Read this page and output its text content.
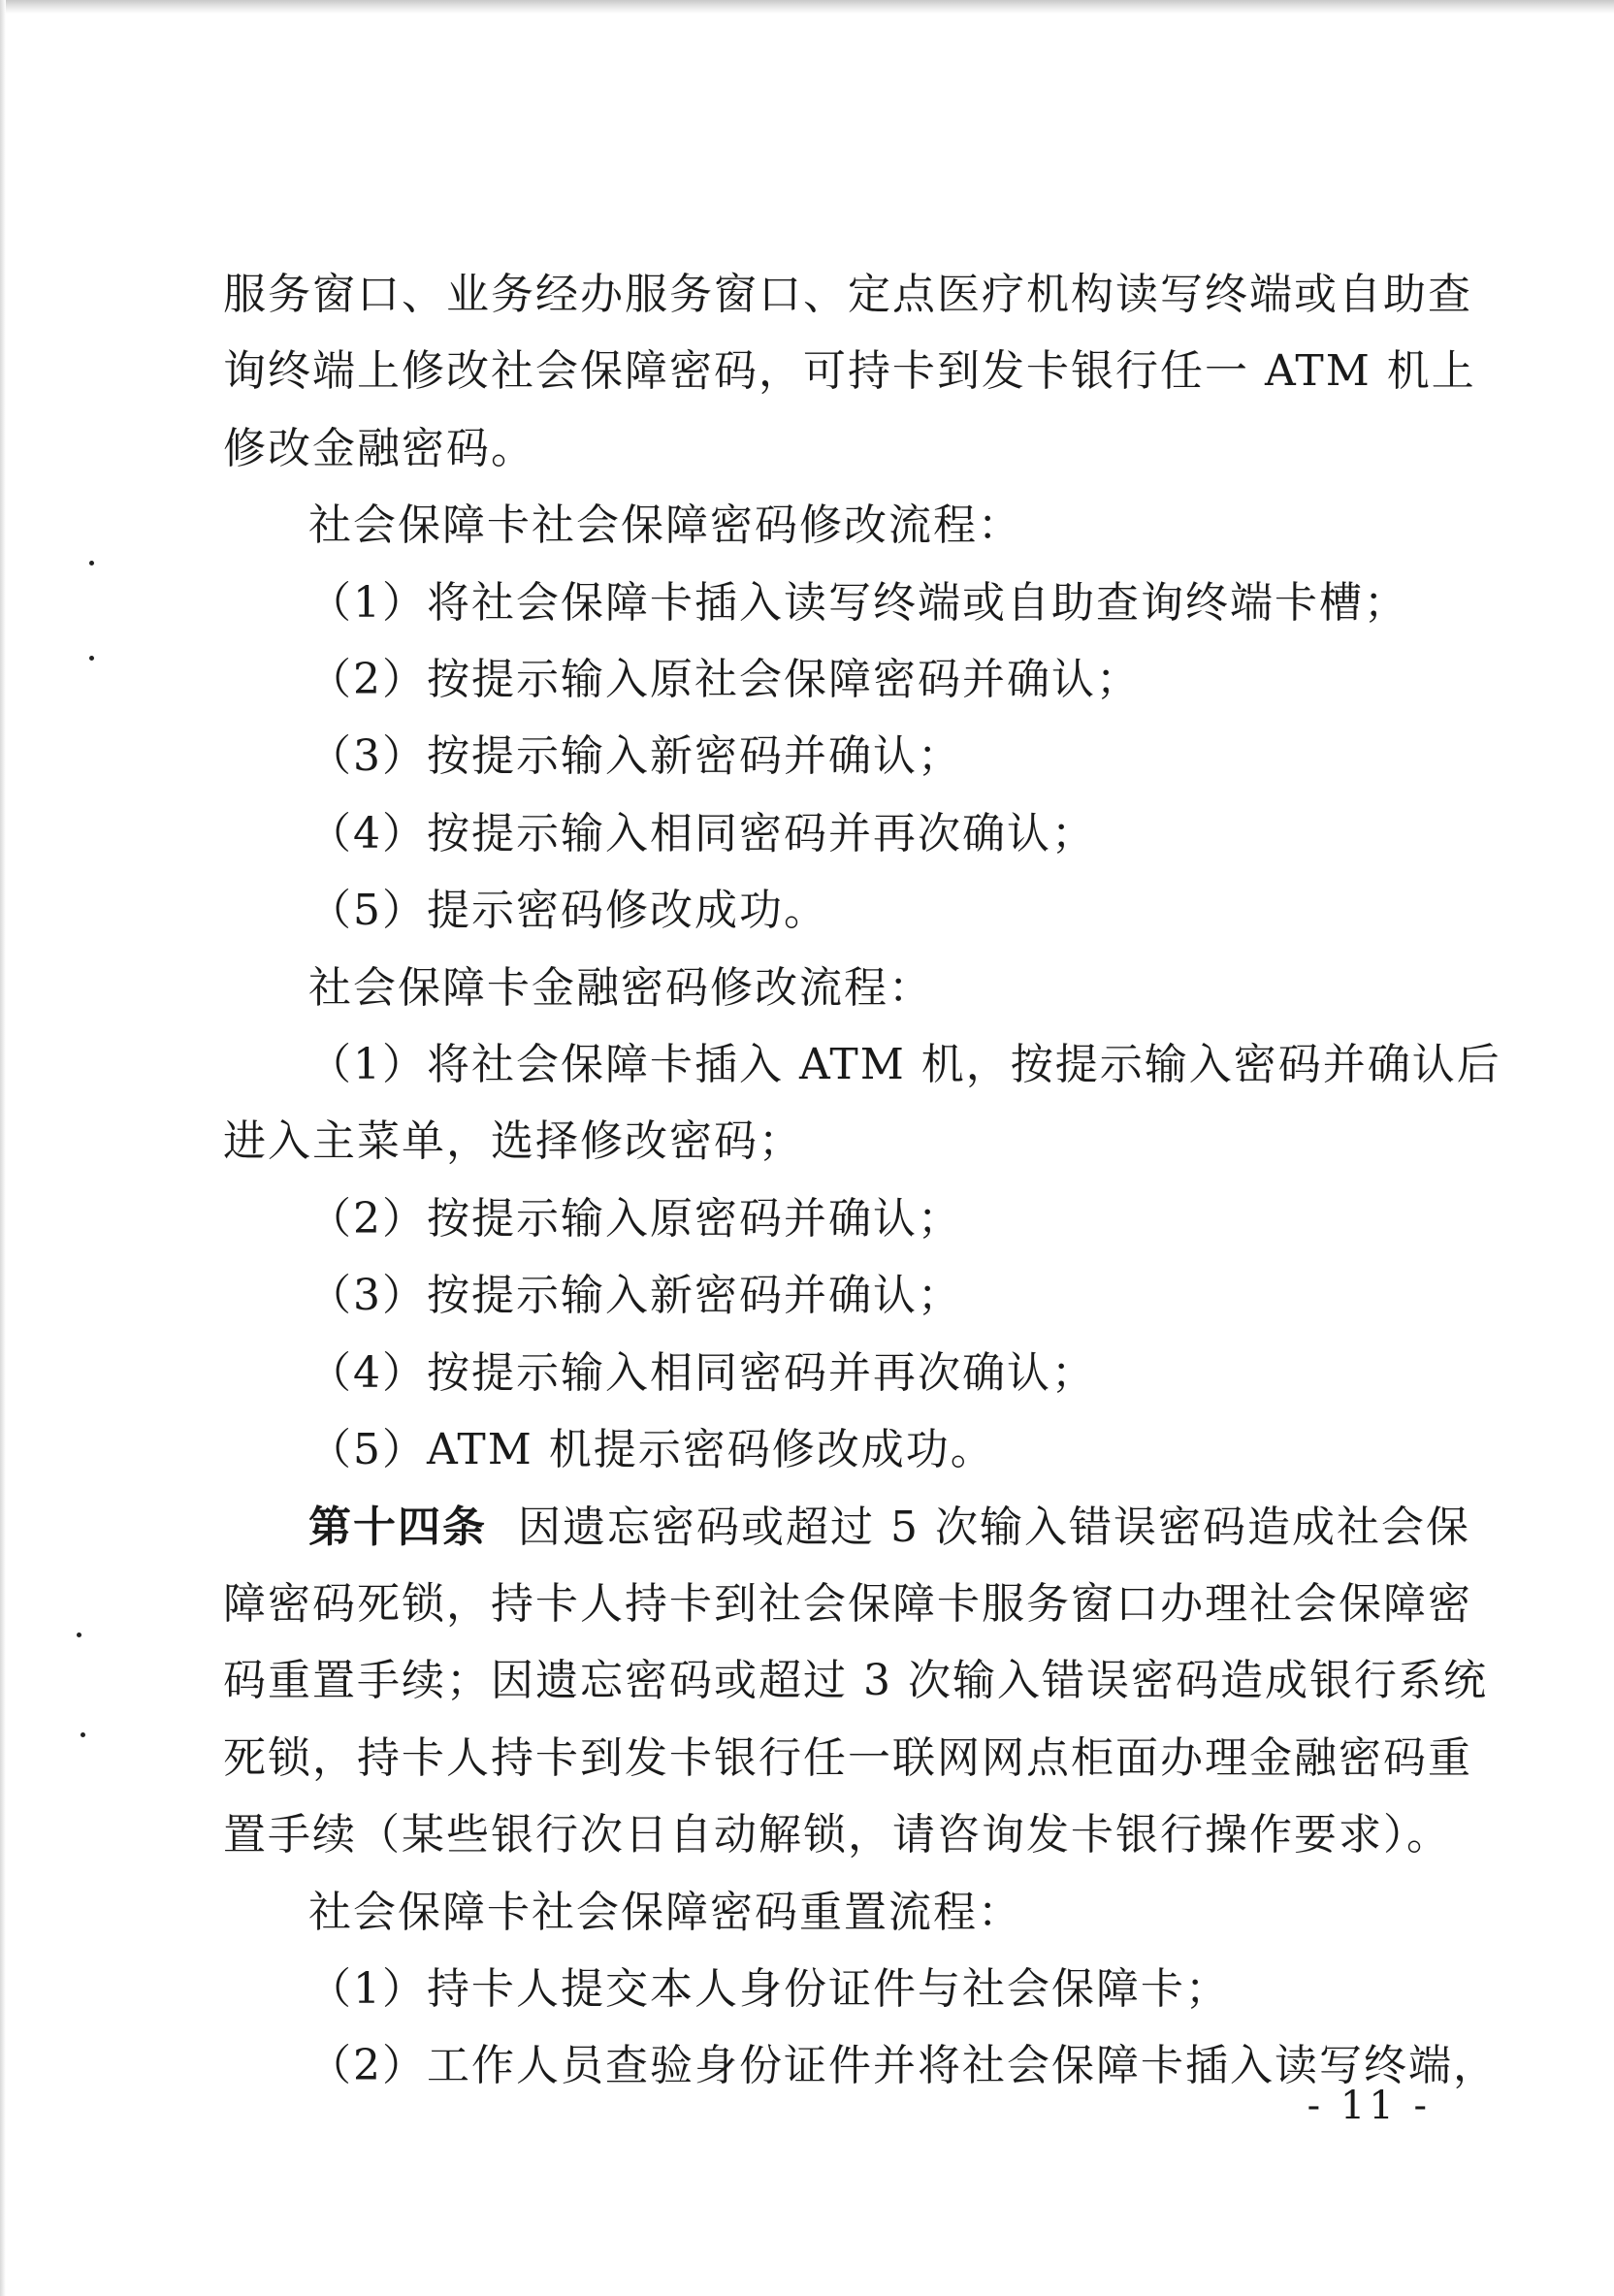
服务窗口、业务经办服务窗口、定点医疗机构读写终端或自助查

询终端上修改社会保障密码，可持卡到发卡银行任一 ATM 机上

修改金融密码。

社会保障卡社会保障密码修改流程：

（1）将社会保障卡插入读写终端或自助查询终端卡槽；

（2）按提示输入原社会保障密码并确认；

（3）按提示输入新密码并确认；

（4）按提示输入相同密码并再次确认；

（5）提示密码修改成功。

社会保障卡金融密码修改流程：

（1）将社会保障卡插入 ATM 机，按提示输入密码并确认后

进入主菜单，选择修改密码；

（2）按提示输入原密码并确认；

（3）按提示输入新密码并确认；

（4）按提示输入相同密码并再次确认；

（5）ATM 机提示密码修改成功。

第十四条 因遗忘密码或超过 5 次输入错误密码造成社会保

障密码死锁，持卡人持卡到社会保障卡服务窗口办理社会保障密

码重置手续；因遗忘密码或超过 3 次输入错误密码造成银行系统

死锁，持卡人持卡到发卡银行任一联网网点柜面办理金融密码重

置手续（某些银行次日自动解锁，请咨询发卡银行操作要求）。

社会保障卡社会保障密码重置流程：

（1）持卡人提交本人身份证件与社会保障卡；

（2）工作人员查验身份证件并将社会保障卡插入读写终端，

- 11 -
